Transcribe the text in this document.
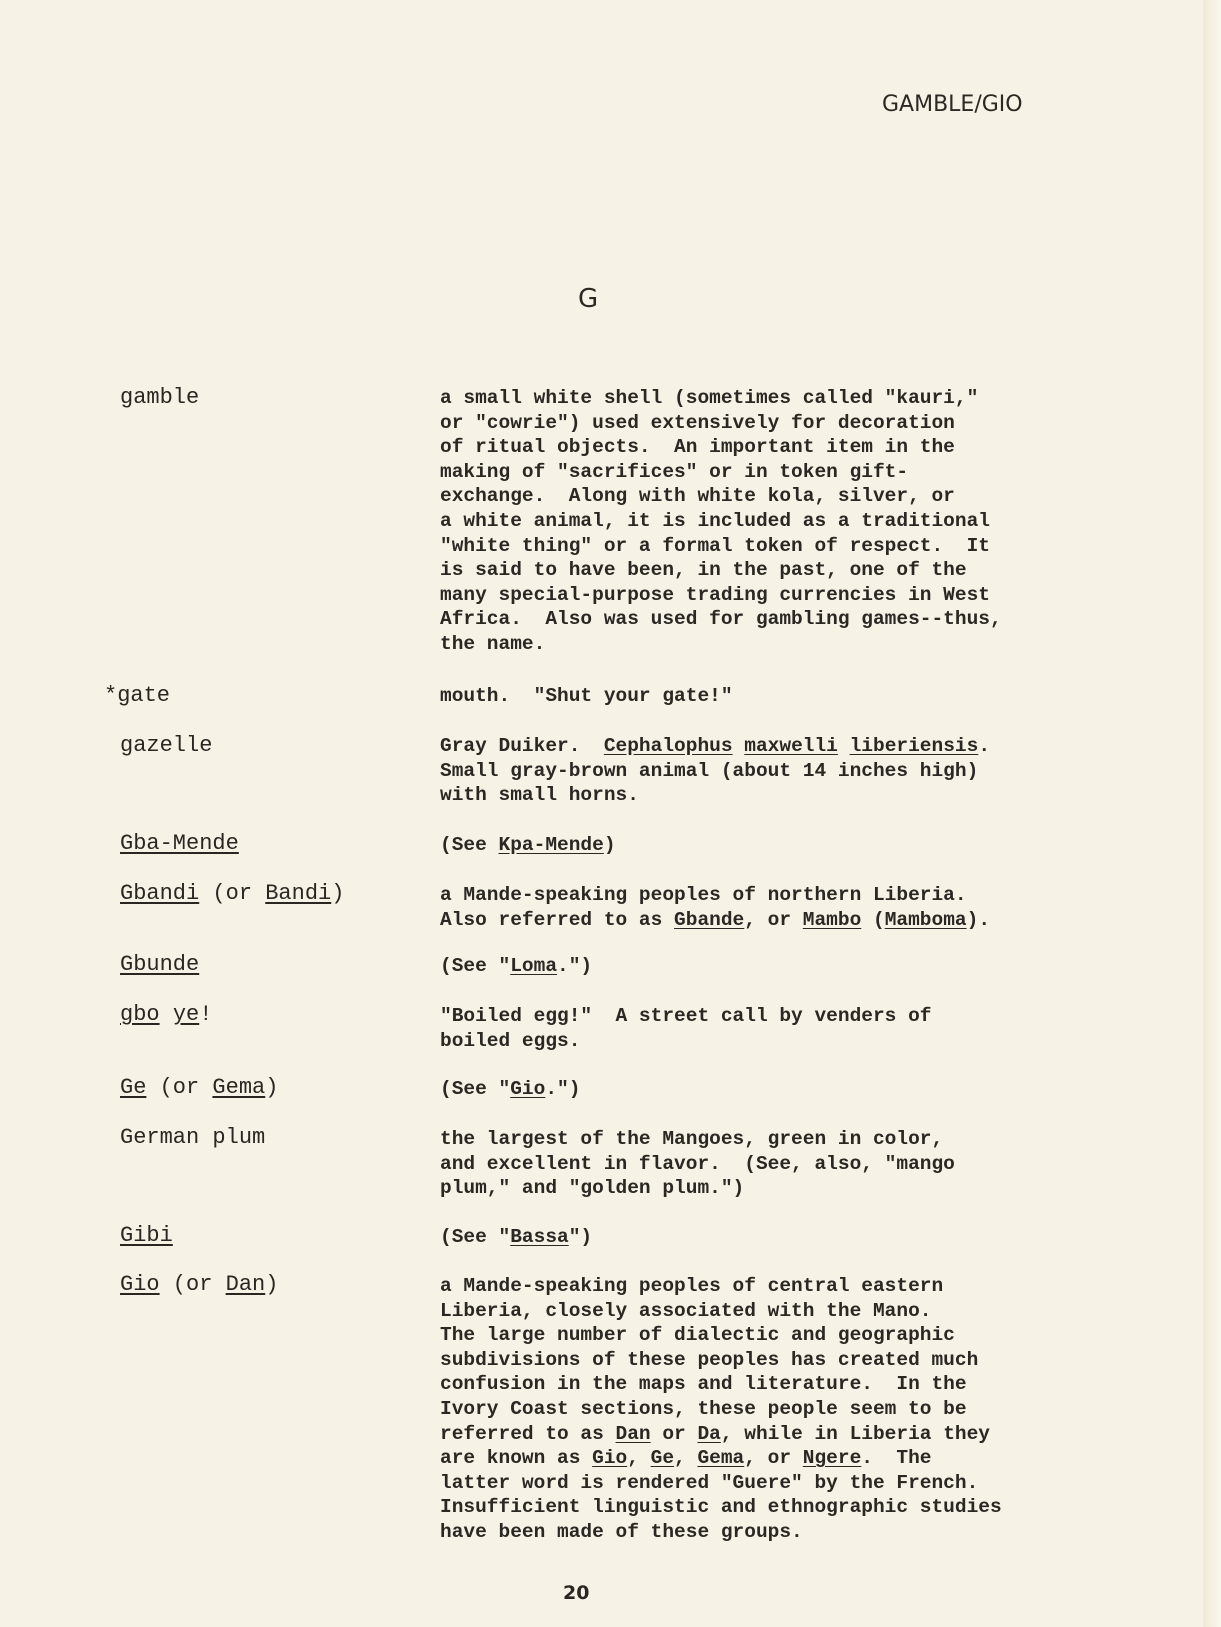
GAMBLE/GIO
G
gamble	a small white shell (sometimes called "kauri,"
or "cowrie") used extensively for decoration
of ritual objects.  An important item in the
making of "sacrifices" or in token gift-
exchange.  Along with white kola, silver, or
a white animal, it is included as a traditional
"white thing" or a formal token of respect.  It
is said to have been, in the past, one of the
many special-purpose trading currencies in West
Africa.  Also was used for gambling games--thus,
the name.
*gate	mouth.  "Shut your gate!"
gazelle	Gray Duiker.  Cephalophus maxwelli liberiensis.
Small gray-brown animal (about 14 inches high)
with small horns.
Gba-Mende	(See Kpa-Mende)
Gbandi (or Bandi)	a Mande-speaking peoples of northern Liberia.
Also referred to as Gbande, or Mambo (Mamboma).
Gbunde	(See "Loma.")
gbo ye!	"Boiled egg!"  A street call by venders of
boiled eggs.
Ge (or Gema)	(See "Gio.")
German plum	the largest of the Mangoes, green in color,
and excellent in flavor.  (See, also, "mango
plum," and "golden plum.")
Gibi	(See "Bassa")
Gio (or Dan)	a Mande-speaking peoples of central eastern
Liberia, closely associated with the Mano.
The large number of dialectic and geographic
subdivisions of these peoples has created much
confusion in the maps and literature.  In the
Ivory Coast sections, these people seem to be
referred to as Dan or Da, while in Liberia they
are known as Gio, Ge, Gema, or Ngere.  The
latter word is rendered "Guere" by the French.
Insufficient linguistic and ethnographic studies
have been made of these groups.
20
